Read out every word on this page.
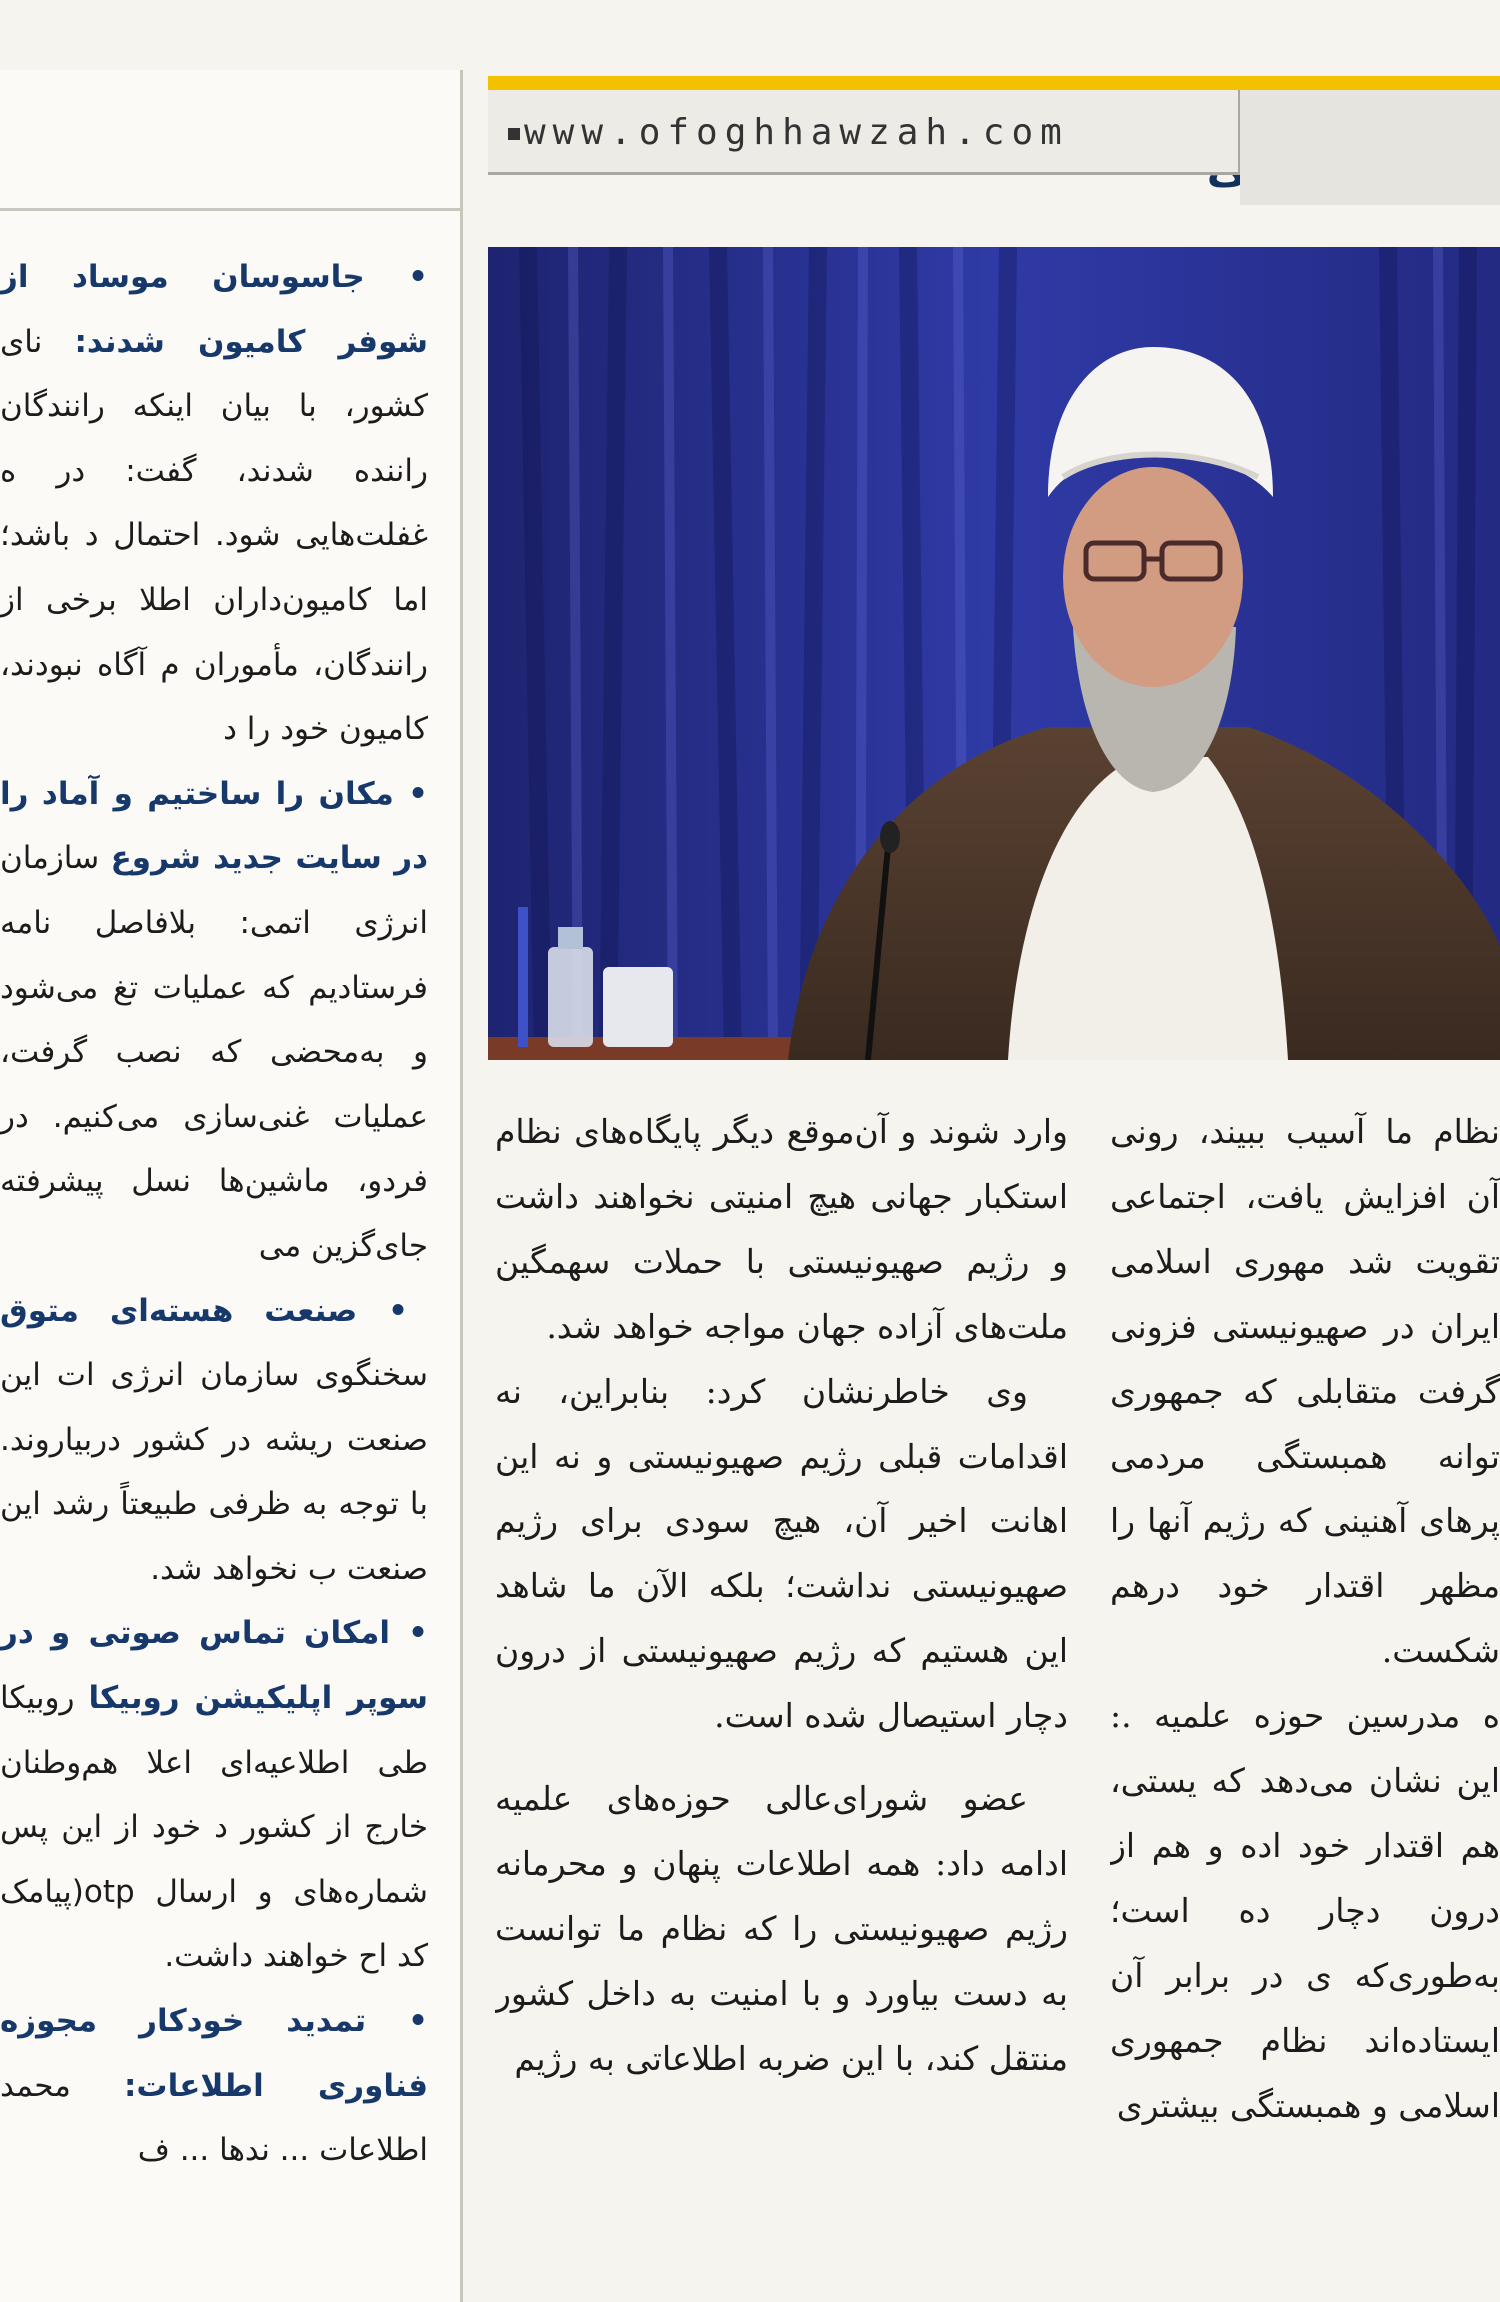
• جاسوسان موساد از شوفر کامیون شدند: نای کشور، با بیان اینکه رانندگان راننده شدند، گفت: در ه غفلت‌هایی شود. احتمال د باشد؛ اما کامیون‌داران اطلا برخی از رانندگان، مأموران م آگاه نبودند، کامیون خود را د

• مکان را ساختیم و آماد را در سایت جدید شروع سازمان انرژی اتمی: بلافاصل نامه فرستادیم که عملیات تغ می‌شود و به‌محضی که نصب گرفت، عملیات غنی‌سازی می‌کنیم. در فردو، ماشین‌ها نسل پیشرفته جای‌گزین می‌

• صنعت هسته‌ای متوق سخنگوی سازمان انرژی ات این صنعت ریشه در کشور دربیاروند. با توجه به ظرفی طبیعتاً رشد این صنعت ب نخواهد شد.

• امکان تماس صوتی و در سوپر اپلیکیشن روبیکا روبیکا طی اطلاعیه‌ای اعلا هم‌وطنان خارج از کشور د خود از این پس شماره‌های و ارسال otp(پیامک کد اح خواهند داشت.

• تمدید خودکار مجوزه فناوری اطلاعات: محمد اطلاعات ... ندها ... ف

www.ofoghhawzah.com

وارد شوند و آن‌موقع دیگر پایگاه‌های نظام استکبار جهانی هیچ امنیتی نخواهند داشت و رژیم صهیونیستی با حملات سهمگین ملت‌های آزاده جهان مواجه خواهد شد.

وی خاطرنشان کرد: بنابراین، نه اقدامات قبلی رژیم صهیونیستی و نه این اهانت اخیر آن، هیچ سودی برای رژیم صهیونیستی نداشت؛ بلکه الآن ما شاهد این هستیم که رژیم صهیونیستی از درون دچار استیصال شده است.

عضو شورای‌عالی حوزه‌های علمیه ادامه داد: همه اطلاعات پنهان و محرمانه رژیم صهیونیستی را که نظام ما توانست به دست بیاورد و با امنیت به داخل کشور منتقل کند، با این ضربه اطلاعاتی به رژیم

نظام ما آسیب ببیند، رونی آن افزایش یافت، اجتماعی تقویت شد مهوری اسلامی ایران در صهیونیستی فزونی گرفت متقابلی که جمهوری توانه همبستگی مردمی پرهای آهنینی که رژیم آنها را مظهر اقتدار خود درهم شکست.

ه مدرسین حوزه علمیه .: این نشان می‌دهد که یستی، هم اقتدار خود اده و هم از درون دچار ده است؛ به‌طوری‌که ی در برابر آن ایستاده‌اند نظام جمهوری اسلامی و همبستگی بیشتری
